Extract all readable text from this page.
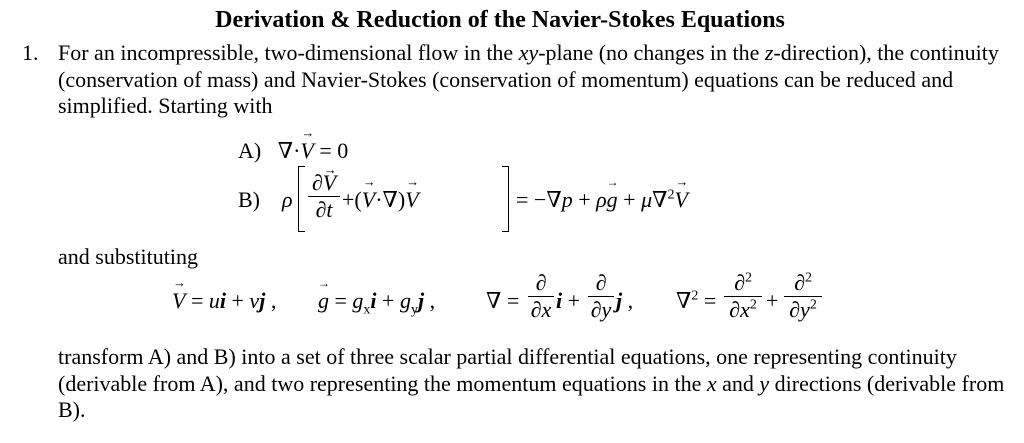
Derivation & Reduction of the Navier-Stokes Equations
1. For an incompressible, two-dimensional flow in the xy-plane (no changes in the z-direction), the continuity (conservation of mass) and Navier-Stokes (conservation of momentum) equations can be reduced and simplified. Starting with

A) ∇·→ V = 0
B) ρ
∂→ V
∂t +(→ V·∇)→ V	= −∇p + ρ→ g + μ∇$^2$→ V

and substituting

→ V = ui + vj ,
→ $g = g_xi + g_yj$ , ∇ =
∂
∂x i +
∂
∂y j , ∇$^2$ =
∂$^2$
$\partial x^2$ +
∂$^2$
$\partial y^2$

transform A) and B) into a set of three scalar partial differential equations, one representing continuity (derivable from A), and two representing the momentum equations in the x and y directions (derivable from B).
